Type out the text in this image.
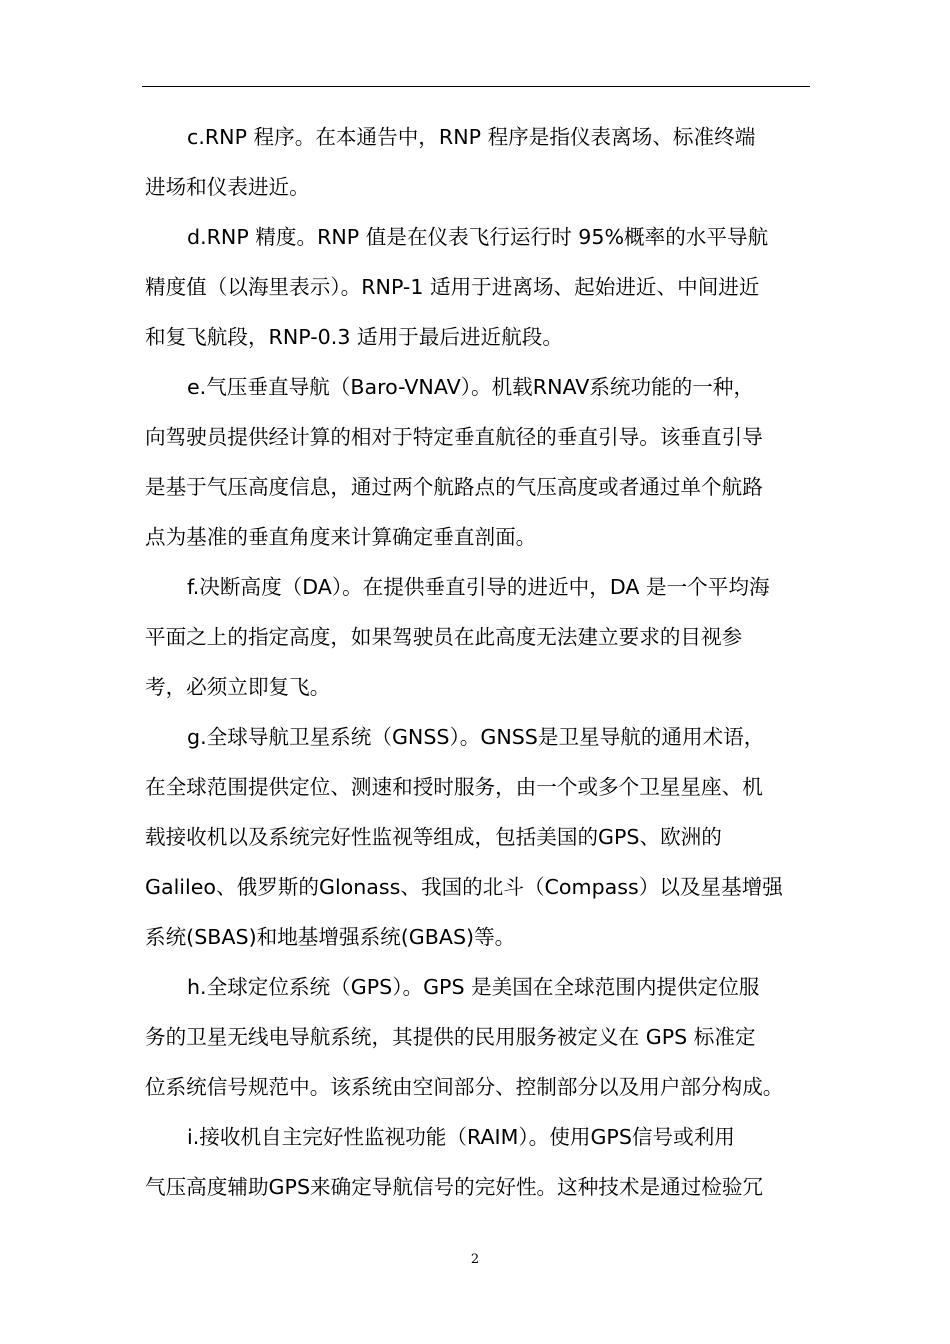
c.RNP 程序。在本通告中，RNP 程序是指仪表离场、标准终端
进场和仪表进近。
d.RNP 精度。RNP 值是在仪表飞行运行时 95%概率的水平导航
精度值（以海里表示）。RNP-1 适用于进离场、起始进近、中间进近
和复飞航段，RNP-0.3 适用于最后进近航段。
e.气压垂直导航（Baro-VNAV）。机载RNAV系统功能的一种，
向驾驶员提供经计算的相对于特定垂直航径的垂直引导。该垂直引导
是基于气压高度信息，通过两个航路点的气压高度或者通过单个航路
点为基准的垂直角度来计算确定垂直剖面。
f.决断高度（DA）。在提供垂直引导的进近中，DA 是一个平均海
平面之上的指定高度，如果驾驶员在此高度无法建立要求的目视参
考，必须立即复飞。
g.全球导航卫星系统（GNSS）。GNSS是卫星导航的通用术语，
在全球范围提供定位、测速和授时服务，由一个或多个卫星星座、机
载接收机以及系统完好性监视等组成，包括美国的GPS、欧洲的
Galileo、俄罗斯的Glonass、我国的北斗（Compass）以及星基增强
系统(SBAS)和地基增强系统(GBAS)等。
h.全球定位系统（GPS）。GPS 是美国在全球范围内提供定位服
务的卫星无线电导航系统，其提供的民用服务被定义在 GPS 标准定
位系统信号规范中。该系统由空间部分、控制部分以及用户部分构成。
i.接收机自主完好性监视功能（RAIM）。使用GPS信号或利用
气压高度辅助GPS来确定导航信号的完好性。这种技术是通过检验冗
2
